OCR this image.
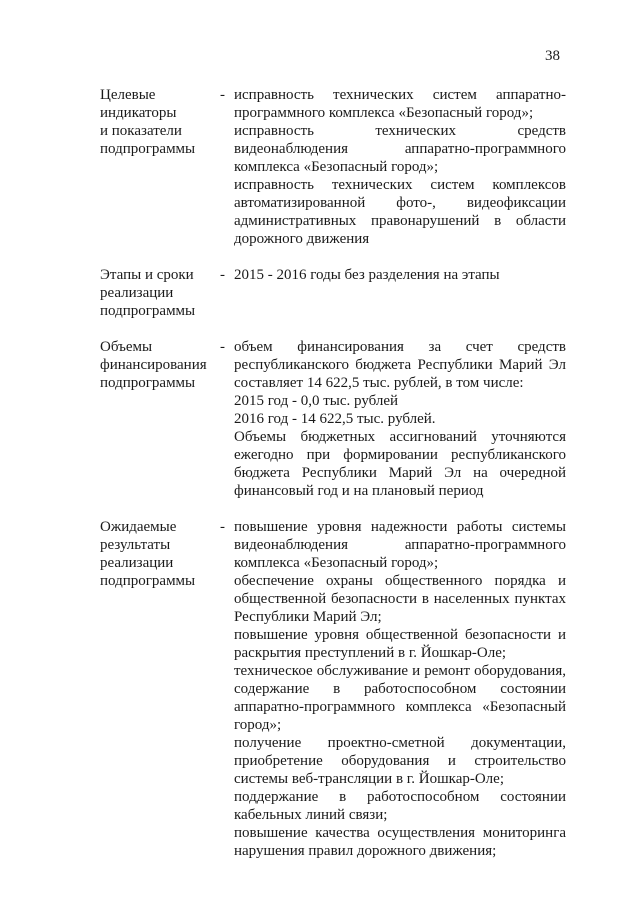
38
Целевые
индикаторы
и показатели
подпрограммы
- исправность технических систем аппаратно-программного комплекса «Безопасный город»;
исправность технических средств видеонаблюдения аппаратно-программного комплекса «Безопасный город»;
исправность технических систем комплексов автоматизированной фото-, видеофиксации административных правонарушений в области дорожного движения
Этапы и сроки
реализации
подпрограммы
- 2015 - 2016 годы без разделения на этапы
Объемы
финансирования
подпрограммы
- объем финансирования за счет средств республиканского бюджета Республики Марий Эл составляет 14 622,5 тыс. рублей, в том числе:
2015 год - 0,0 тыс. рублей
2016 год - 14 622,5 тыс. рублей.
Объемы бюджетных ассигнований уточняются ежегодно при формировании республиканского бюджета Республики Марий Эл на очередной финансовый год и на плановый период
Ожидаемые
результаты
реализации
подпрограммы
- повышение уровня надежности работы системы видеонаблюдения аппаратно-программного комплекса «Безопасный город»;
обеспечение охраны общественного порядка и общественной безопасности в населенных пунктах Республики Марий Эл;
повышение уровня общественной безопасности и раскрытия преступлений в г. Йошкар-Оле;
техническое обслуживание и ремонт оборудования, содержание в работоспособном состоянии аппаратно-программного комплекса «Безопасный город»;
получение проектно-сметной документации, приобретение оборудования и строительство системы веб-трансляции в г. Йошкар-Оле;
поддержание в работоспособном состоянии кабельных линий связи;
повышение качества осуществления мониторинга нарушения правил дорожного движения;
